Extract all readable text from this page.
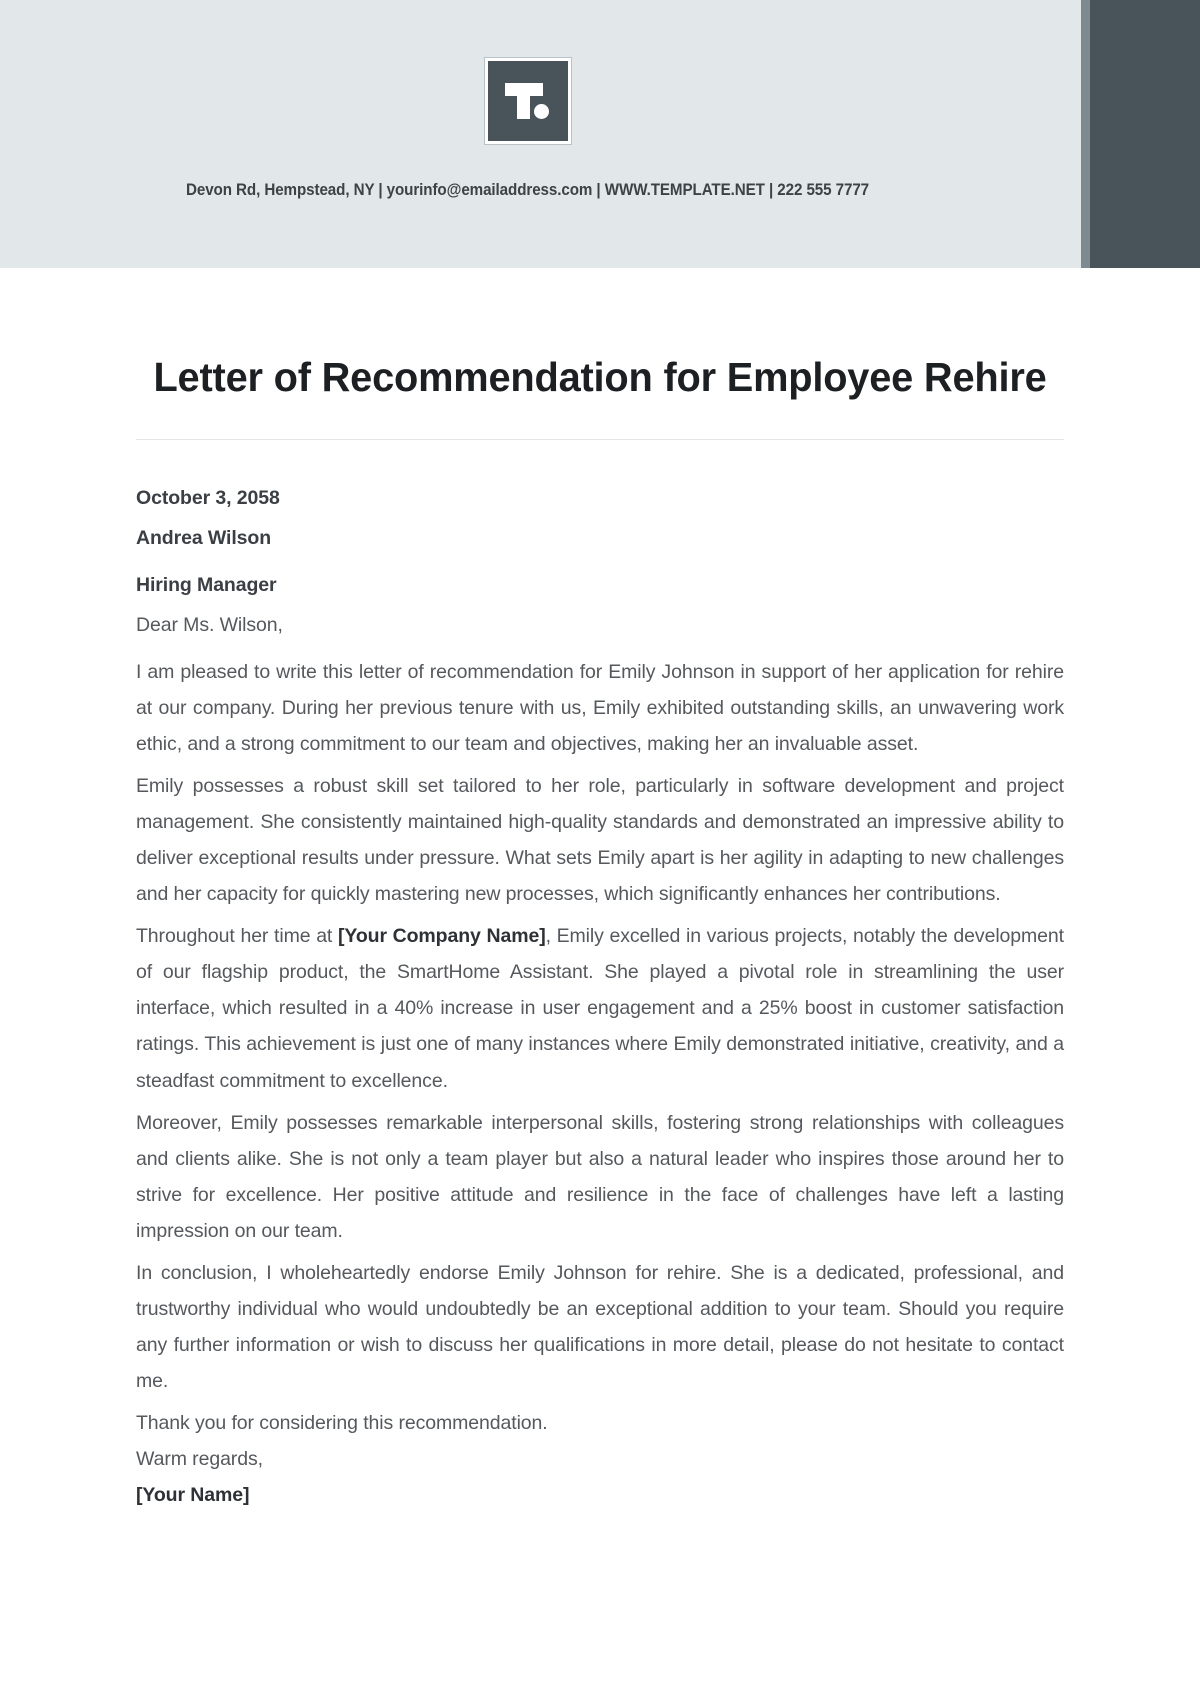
Devon Rd, Hempstead, NY | yourinfo@emailaddress.com | WWW.TEMPLATE.NET | 222 555 7777
Letter of Recommendation for Employee Rehire

October 3, 2058

Andrea Wilson

Hiring Manager

Dear Ms. Wilson,

I am pleased to write this letter of recommendation for Emily Johnson in support of her application for rehire at our company. During her previous tenure with us, Emily exhibited outstanding skills, an unwavering work ethic, and a strong commitment to our team and objectives, making her an invaluable asset.

Emily possesses a robust skill set tailored to her role, particularly in software development and project management. She consistently maintained high-quality standards and demonstrated an impressive ability to deliver exceptional results under pressure. What sets Emily apart is her agility in adapting to new challenges and her capacity for quickly mastering new processes, which significantly enhances her contributions.

Throughout her time at [Your Company Name], Emily excelled in various projects, notably the development of our flagship product, the SmartHome Assistant. She played a pivotal role in streamlining the user interface, which resulted in a 40% increase in user engagement and a 25% boost in customer satisfaction ratings. This achievement is just one of many instances where Emily demonstrated initiative, creativity, and a steadfast commitment to excellence.

Moreover, Emily possesses remarkable interpersonal skills, fostering strong relationships with colleagues and clients alike. She is not only a team player but also a natural leader who inspires those around her to strive for excellence. Her positive attitude and resilience in the face of challenges have left a lasting impression on our team.

In conclusion, I wholeheartedly endorse Emily Johnson for rehire. She is a dedicated, professional, and trustworthy individual who would undoubtedly be an exceptional addition to your team. Should you require any further information or wish to discuss her qualifications in more detail, please do not hesitate to contact me.

Thank you for considering this recommendation.

Warm regards,

[Your Name]
